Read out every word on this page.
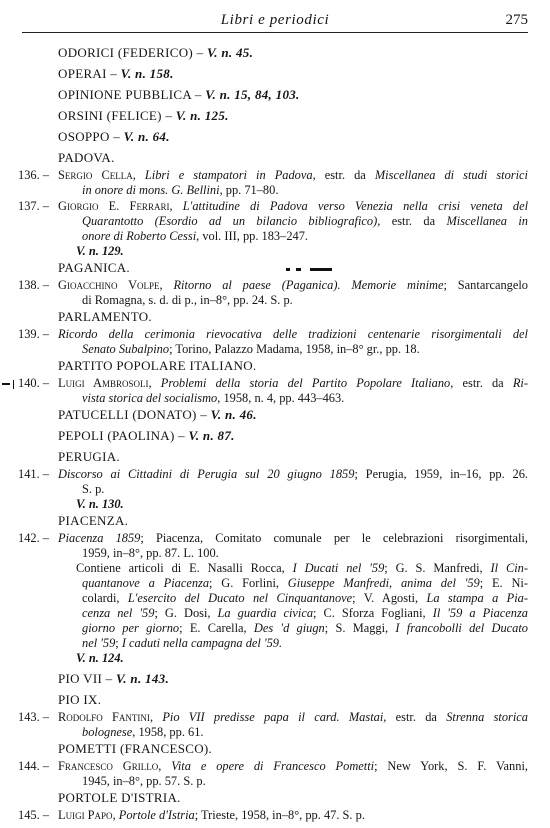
Libri e periodici	275
ODORICI (FEDERICO) – V. n. 45.
OPERAI – V. n. 158.
OPINIONE PUBBLICA – V. n. 15, 84, 103.
ORSINI (FELICE) – V. n. 125.
OSOPPO – V. n. 64.
PADOVA.
136. – Sergio Cella, Libri e stampatori in Padova, estr. da Miscellanea di studi storici
in onore di mons. G. Bellini, pp. 71–80.
137. – Giorgio E. Ferrari, L'attitudine di Padova verso Venezia nella crisi veneta del
Quarantotto (Esordio ad un bilancio bibliografico), estr. da Miscellanea in
onore di Roberto Cessi, vol. III, pp. 183–247.
V. n. 129.
PAGANICA.
138. – Gioacchino Volpe, Ritorno al paese (Paganica). Memorie minime; Santarcangelo
di Romagna, s. d. di p., in–8°, pp. 24. S. p.
PARLAMENTO.
139. – Ricordo della cerimonia rievocativa delle tradizioni centenarie risorgimentali del
Senato Subalpino; Torino, Palazzo Madama, 1958, in–8° gr., pp. 18.
PARTITO POPOLARE ITALIANO.
140. – Luigi Ambrosoli, Problemi della storia del Partito Popolare Italiano, estr. da Ri-
vista storica del socialismo, 1958, n. 4, pp. 443–463.
PATUCELLI (DONATO) – V. n. 46.
PEPOLI (PAOLINA) – V. n. 87.
PERUGIA.
141. – Discorso ai Cittadini di Perugia sul 20 giugno 1859; Perugia, 1959, in–16, pp. 26.
S. p.
V. n. 130.
PIACENZA.
142. – Piacenza 1859; Piacenza, Comitato comunale per le celebrazioni risorgimentali,
1959, in–8°, pp. 87. L. 100.
Contiene articoli di E. Nasalli Rocca, I Ducati nel '59; G. S. Manfredi, Il Cin-
quantanove a Piacenza; G. Forlini, Giuseppe Manfredi, anima del '59; E. Ni-
colardi, L'esercito del Ducato nel Cinquantanove; V. Agosti, La stampa a Pia-
cenza nel '59; G. Dosi, La guardia civica; C. Sforza Fogliani, Il '59 a Piacenza
giorno per giorno; E. Carella, Des 'd giugn; S. Maggi, I francobolli del Ducato
nel '59; I caduti nella campagna del '59.
V. n. 124.
PIO VII – V. n. 143.
PIO IX.
143. – Rodolfo Fantini, Pio VII predisse papa il card. Mastai, estr. da Strenna storica
bolognese, 1958, pp. 61.
POMETTI (FRANCESCO).
144. – Francesco Grillo, Vita e opere di Francesco Pometti; New York, S. F. Vanni,
1945, in–8°, pp. 57. S. p.
PORTOLE D'ISTRIA.
145. – Luigi Papo, Portole d'Istria; Trieste, 1958, in–8°, pp. 47. S. p.
